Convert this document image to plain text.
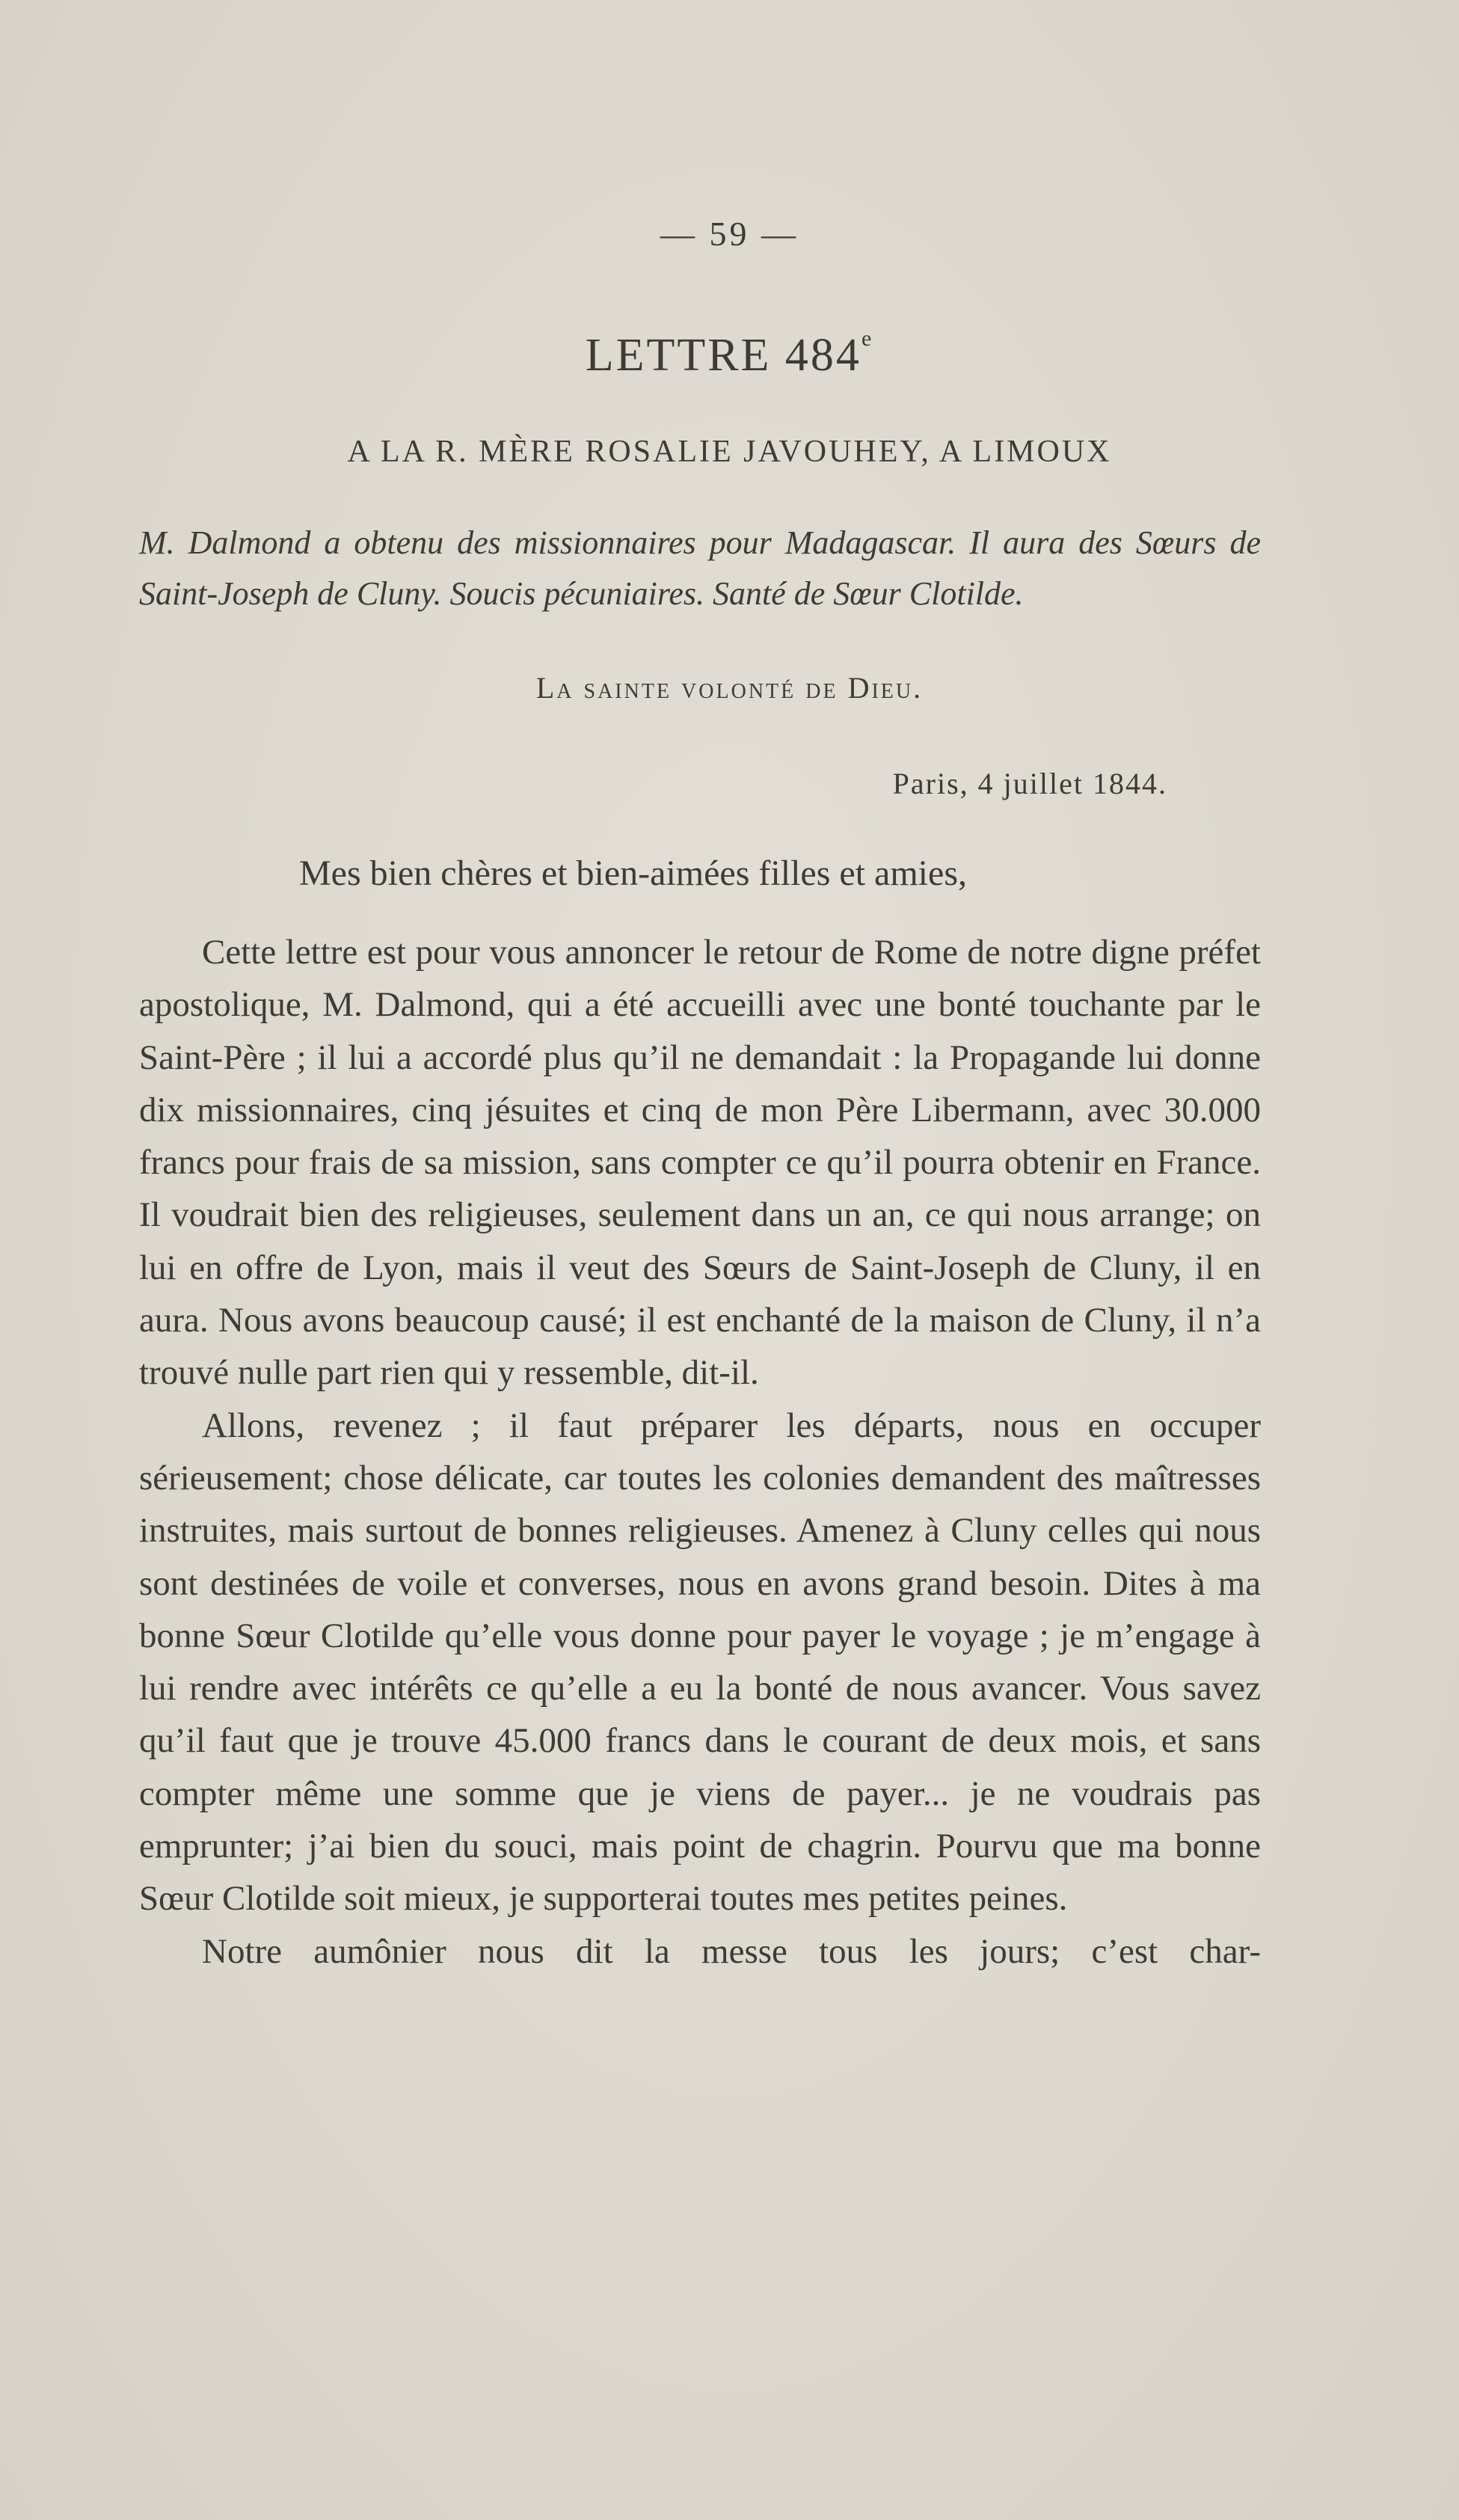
— 59 —
LETTRE 484e
A LA R. MÈRE ROSALIE JAVOUHEY, A LIMOUX
M. Dalmond a obtenu des missionnaires pour Madagascar. Il aura des Sœurs de Saint-Joseph de Cluny. Soucis pécuniaires. Santé de Sœur Clotilde.
La sainte volonté de Dieu.
Paris, 4 juillet 1844.
Mes bien chères et bien-aimées filles et amies,

Cette lettre est pour vous annoncer le retour de Rome de notre digne préfet apostolique, M. Dalmond, qui a été accueilli avec une bonté touchante par le Saint-Père ; il lui a accordé plus qu’il ne demandait : la Propagande lui donne dix missionnaires, cinq jésuites et cinq de mon Père Libermann, avec 30.000 francs pour frais de sa mission, sans compter ce qu’il pourra obtenir en France. Il voudrait bien des religieuses, seulement dans un an, ce qui nous arrange; on lui en offre de Lyon, mais il veut des Sœurs de Saint-Joseph de Cluny, il en aura. Nous avons beaucoup causé; il est enchanté de la maison de Cluny, il n’a trouvé nulle part rien qui y ressemble, dit-il.

Allons, revenez ; il faut préparer les départs, nous en occuper sérieusement; chose délicate, car toutes les colonies demandent des maîtresses instruites, mais surtout de bonnes religieuses. Amenez à Cluny celles qui nous sont destinées de voile et converses, nous en avons grand besoin. Dites à ma bonne Sœur Clotilde qu’elle vous donne pour payer le voyage ; je m’engage à lui rendre avec intérêts ce qu’elle a eu la bonté de nous avancer. Vous savez qu’il faut que je trouve 45.000 francs dans le courant de deux mois, et sans compter même une somme que je viens de payer... je ne voudrais pas emprunter; j’ai bien du souci, mais point de chagrin. Pourvu que ma bonne Sœur Clotilde soit mieux, je supporterai toutes mes petites peines.

Notre aumônier nous dit la messe tous les jours; c’est char-
